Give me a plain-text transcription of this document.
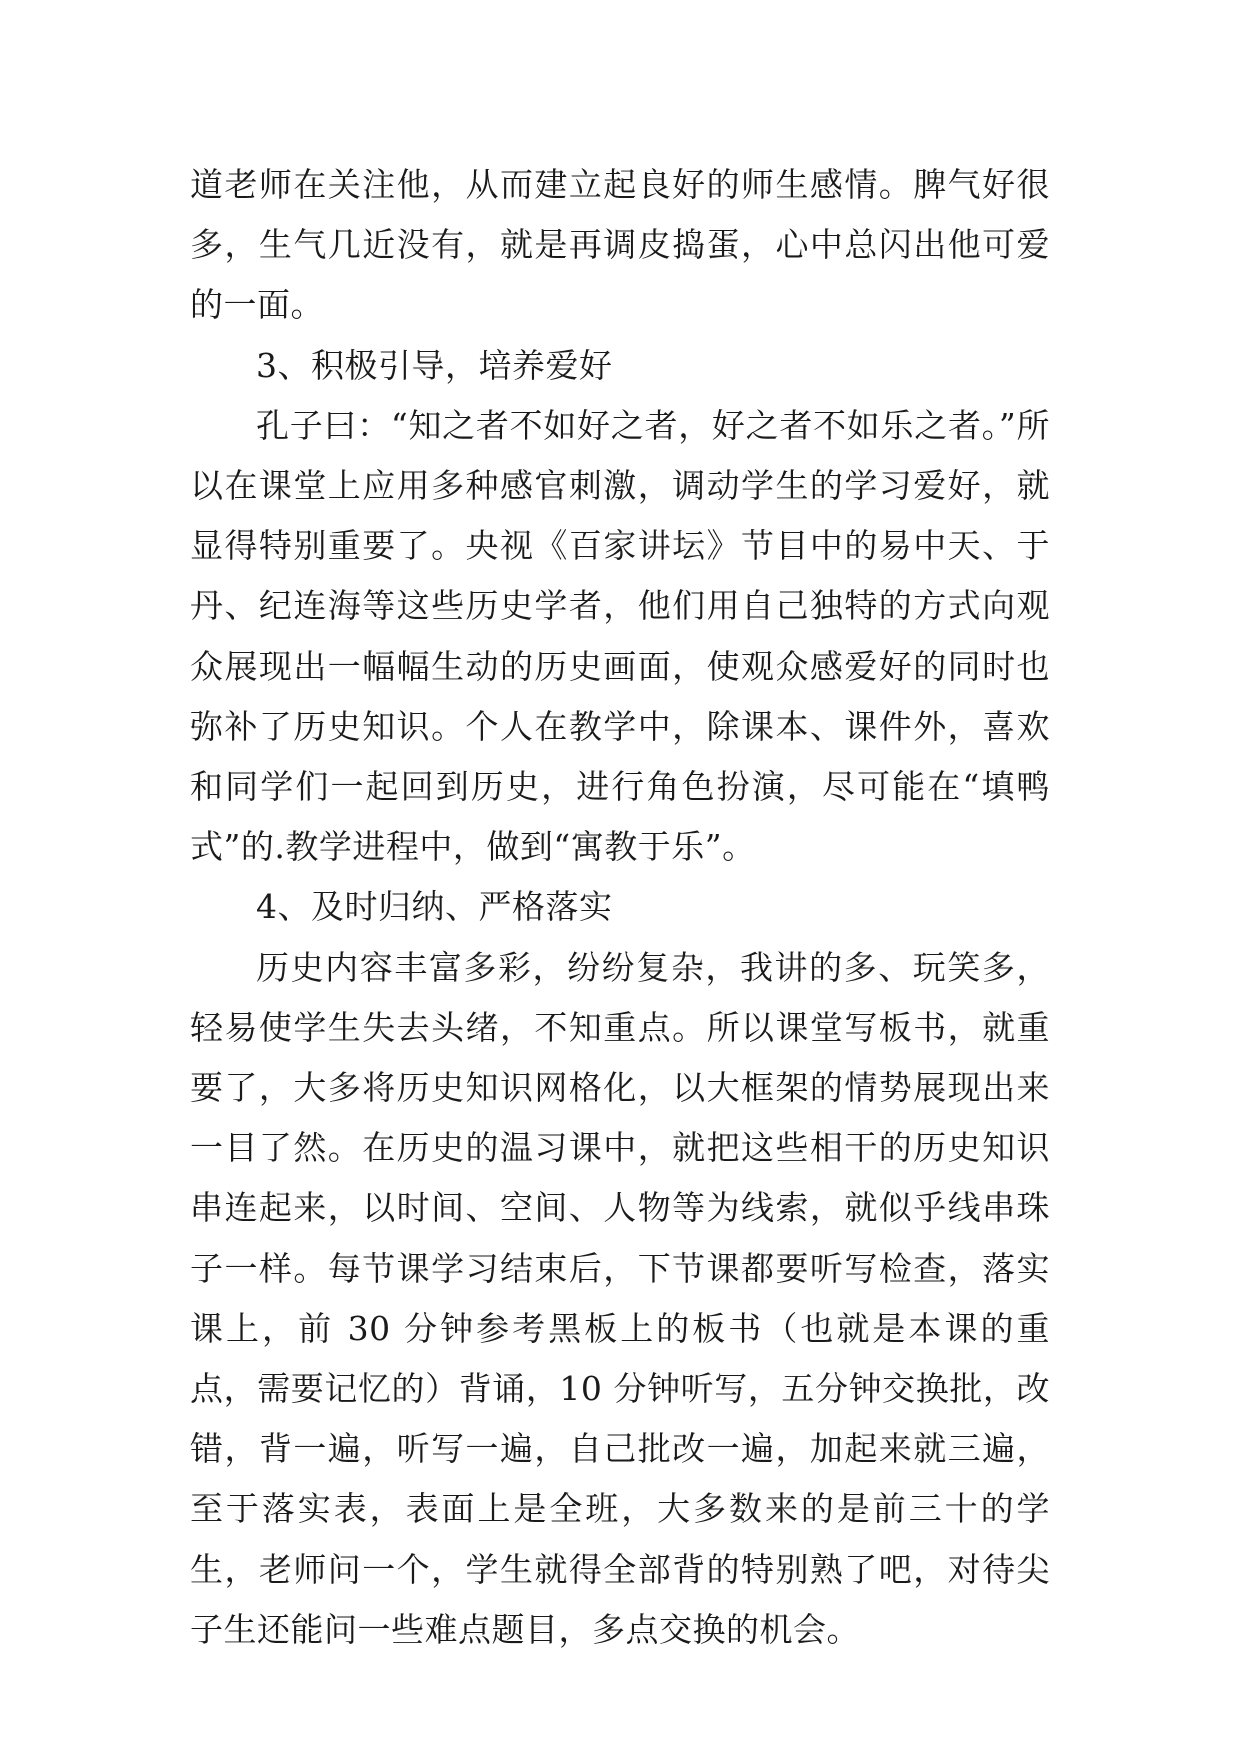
道老师在关注他，从而建立起良好的师生感情。脾气好很多，生气几近没有，就是再调皮捣蛋，心中总闪出他可爱的一面。

3、积极引导，培养爱好

孔子曰：“知之者不如好之者，好之者不如乐之者。”所以在课堂上应用多种感官刺激，调动学生的学习爱好，就显得特别重要了。央视《百家讲坛》节目中的易中天、于丹、纪连海等这些历史学者，他们用自己独特的方式向观众展现出一幅幅生动的历史画面，使观众感爱好的同时也弥补了历史知识。个人在教学中，除课本、课件外，喜欢和同学们一起回到历史，进行角色扮演，尽可能在“填鸭式”的.教学进程中，做到“寓教于乐”。

4、及时归纳、严格落实

历史内容丰富多彩，纷纷复杂，我讲的多、玩笑多，轻易使学生失去头绪，不知重点。所以课堂写板书，就重要了，大多将历史知识网格化，以大框架的情势展现出来一目了然。在历史的温习课中，就把这些相干的历史知识串连起来，以时间、空间、人物等为线索，就似乎线串珠子一样。每节课学习结束后，下节课都要听写检查，落实课上，前 30 分钟参考黑板上的板书（也就是本课的重点，需要记忆的）背诵，10 分钟听写，五分钟交换批，改错，背一遍，听写一遍，自己批改一遍，加起来就三遍，至于落实表，表面上是全班，大多数来的是前三十的学生，老师问一个，学生就得全部背的特别熟了吧，对待尖子生还能问一些难点题目，多点交换的机会。
